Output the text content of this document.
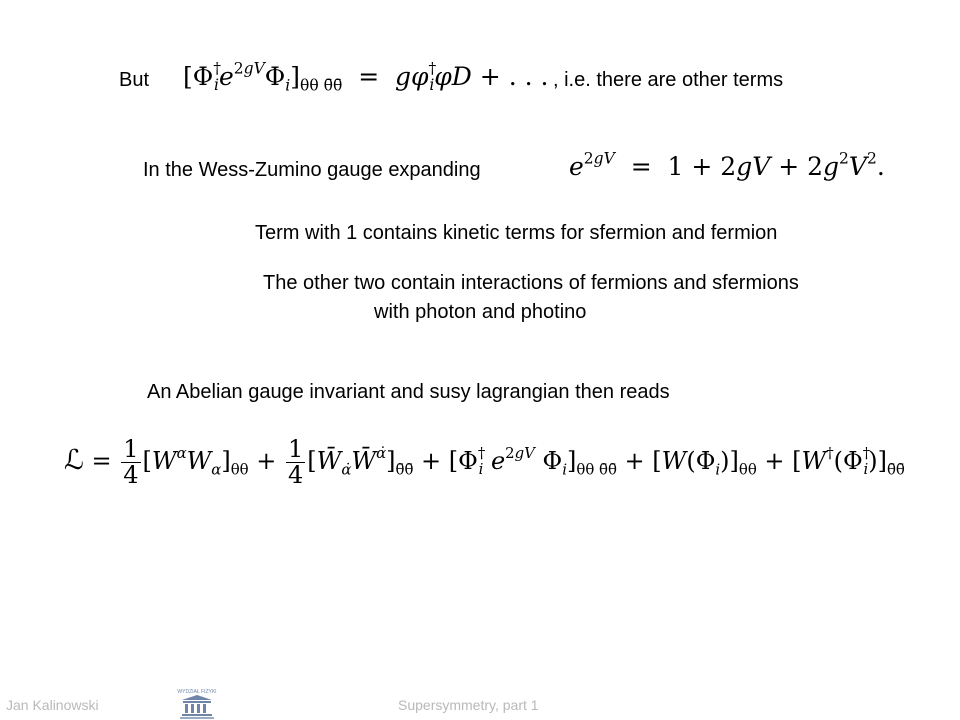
But $[\Phi^\dagger_ie^{2gV}\Phi_i]_{\theta\theta \thetā\thetā} = g\varphi^\dagger_i\varphi D$ + . . . , i.e. there are other terms
In the Wess-Zumino gauge expanding	$e^{2gV} = 1 + 2gV + 2g^2V^2$.
Term with 1 contains kinetic terms for sfermion and fermion
The other two contain interactions of fermions and sfermions
with photon and photino
An Abelian gauge invariant and susy lagrangian then reads
ℒ = $\frac{1}{4} [W^\alpha W_\alpha]_{\theta\theta} + \frac{1}{4}$ $[W̄_{\alphȧ}W̄^{\alphȧ}]_{\thetā\thetā} + [\Phi^\dagger_i$ $e^{2gV}$ $\Phi_i]_{\theta\theta \thetā\thetā} + [W(\Phi_i)]_{\theta\theta} + [W^\dagger(\Phi^\dagger_i)]_{\thetā\thetā}$
Jan Kalinowski
WYDZIAŁ FIZYKI
Supersymmetry, part 1
